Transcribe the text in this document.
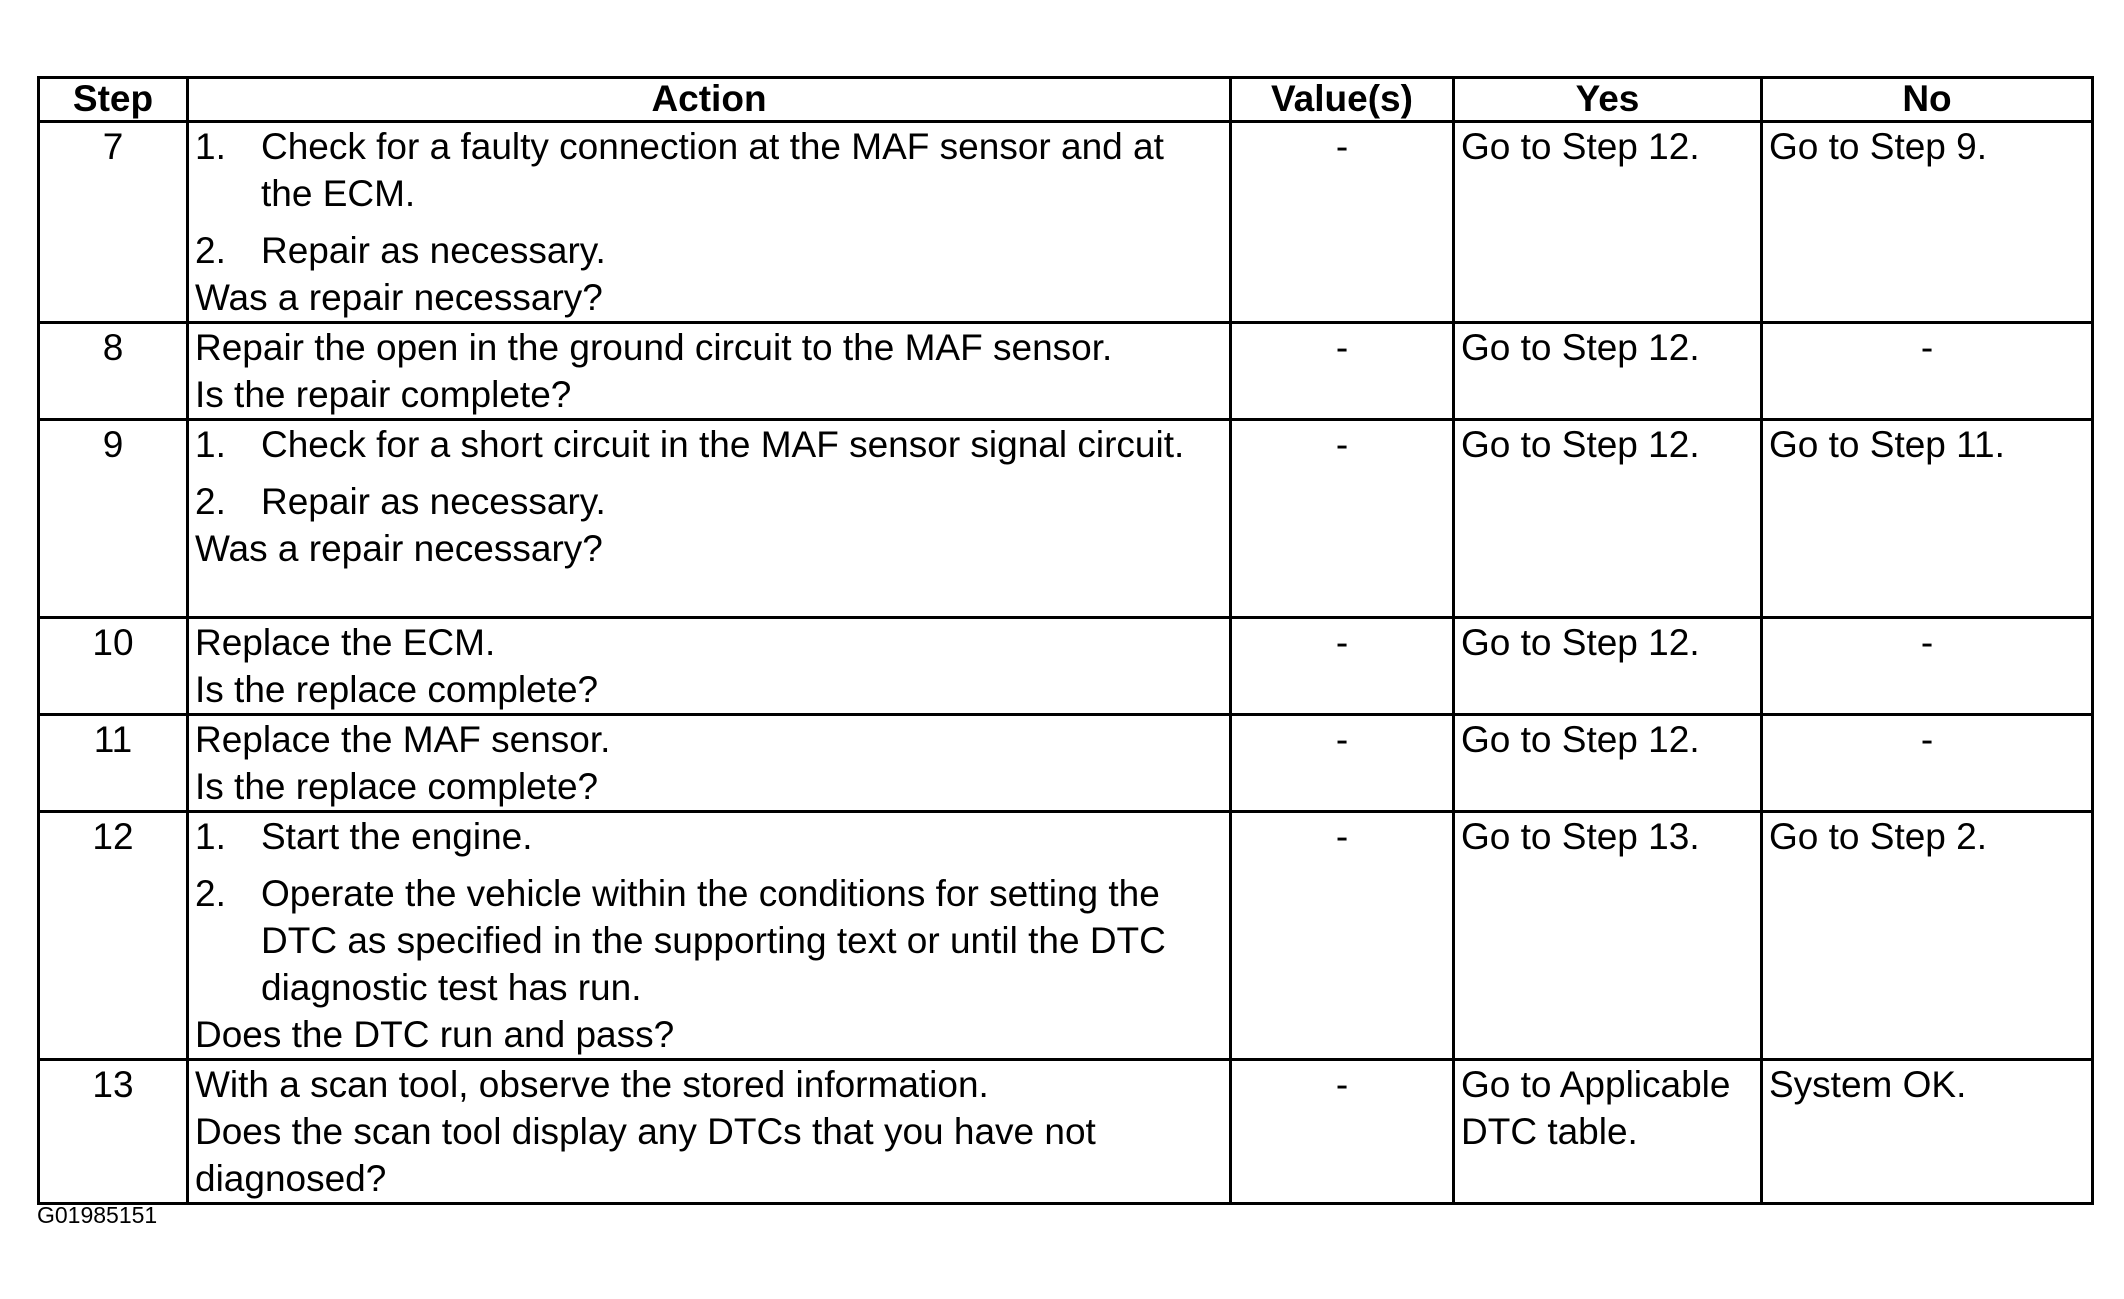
Step	Action	Value(s)	Yes	No
7	1. Check for a faulty connection at the MAF sensor and at the ECM.
2. Repair as necessary.
Was a repair necessary?	-	Go to Step 12.	Go to Step 9.
8	Repair the open in the ground circuit to the MAF sensor.
Is the repair complete?	-	Go to Step 12.	-
9	1. Check for a short circuit in the MAF sensor signal circuit.
2. Repair as necessary.
Was a repair necessary?	-	Go to Step 12.	Go to Step 11.
10	Replace the ECM.
Is the replace complete?	-	Go to Step 12.	-
11	Replace the MAF sensor.
Is the replace complete?	-	Go to Step 12.	-
12	1. Start the engine.
2. Operate the vehicle within the conditions for setting the DTC as specified in the supporting text or until the DTC diagnostic test has run.
Does the DTC run and pass?	-	Go to Step 13.	Go to Step 2.
13	With a scan tool, observe the stored information.
Does the scan tool display any DTCs that you have not diagnosed?	-	Go to Applicable DTC table.	System OK.
G01985151
